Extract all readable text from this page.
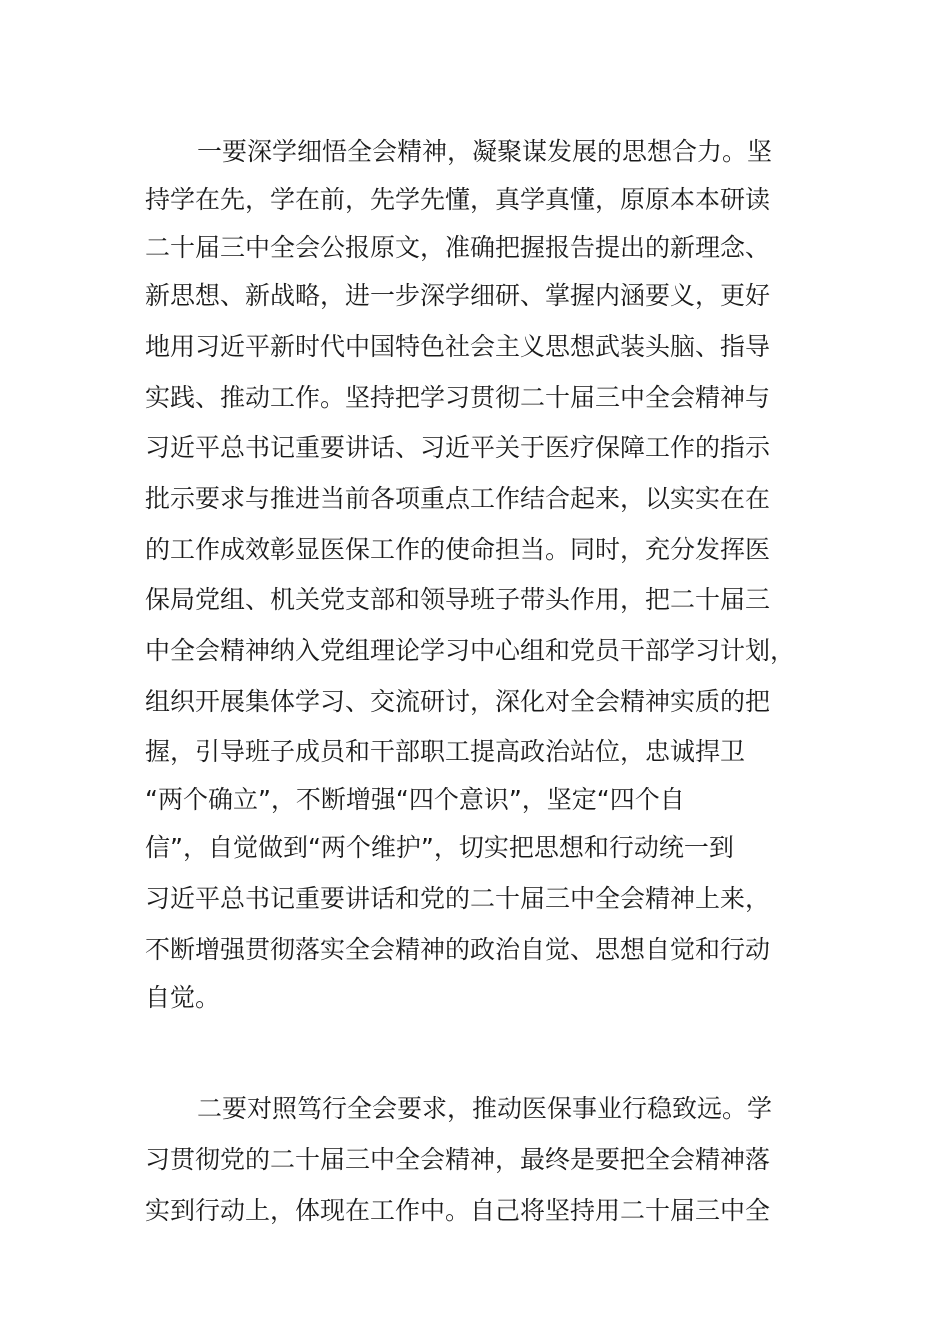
一要深学细悟全会精神，凝聚谋发展的思想合力。坚
持学在先，学在前，先学先懂，真学真懂，原原本本研读
二十届三中全会公报原文，准确把握报告提出的新理念、
新思想、新战略，进一步深学细研、掌握内涵要义，更好
地用习近平新时代中国特色社会主义思想武装头脑、指导
实践、推动工作。坚持把学习贯彻二十届三中全会精神与
习近平总书记重要讲话、习近平关于医疗保障工作的指示
批示要求与推进当前各项重点工作结合起来，以实实在在
的工作成效彰显医保工作的使命担当。同时，充分发挥医
保局党组、机关党支部和领导班子带头作用，把二十届三
中全会精神纳入党组理论学习中心组和党员干部学习计划，
组织开展集体学习、交流研讨，深化对全会精神实质的把
握，引导班子成员和干部职工提高政治站位，忠诚捍卫
“两个确立”，不断增强“四个意识”，坚定“四个自
信”，自觉做到“两个维护”，切实把思想和行动统一到
习近平总书记重要讲话和党的二十届三中全会精神上来，
不断增强贯彻落实全会精神的政治自觉、思想自觉和行动
自觉。
二要对照笃行全会要求，推动医保事业行稳致远。学
习贯彻党的二十届三中全会精神，最终是要把全会精神落
实到行动上，体现在工作中。自己将坚持用二十届三中全
